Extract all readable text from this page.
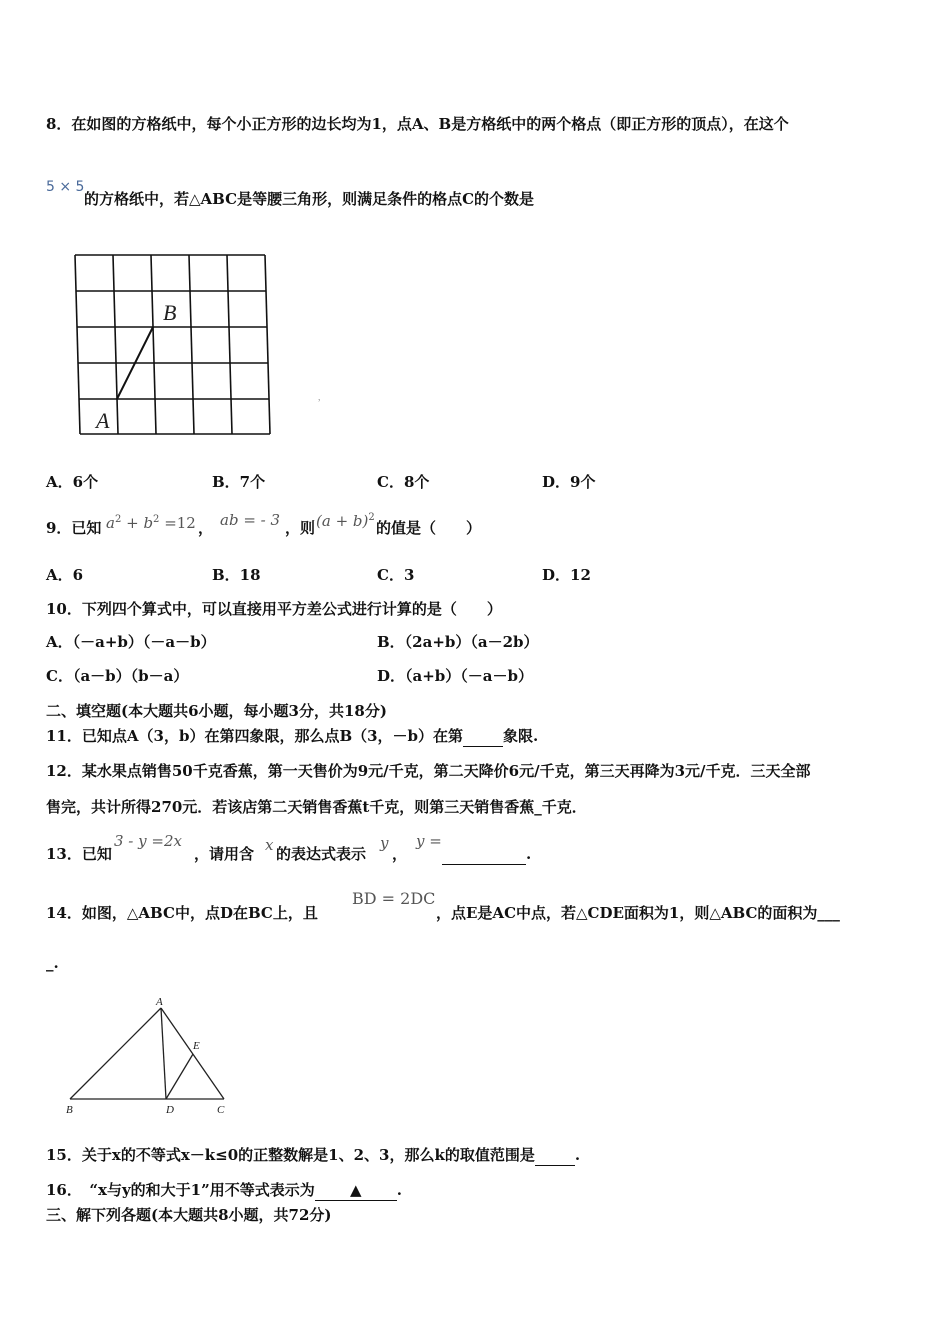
8．在如图的方格纸中，每个小正方形的边长均为1，点A、B是方格纸中的两个格点（即正方形的顶点），在这个
5 × 5
的方格纸中，若△ABC是等腰三角形，则满足条件的格点C的个数是
B
A
,
A．6个	B．7个	C．8个	D．9个
9．已知 $a^2 + b^2 =12$ ， ab = - 3 ，则 $(a + b)^2$
的值是（　　）
A．6	B．18	C．3	D．12
10．下列四个算式中，可以直接用平方差公式进行计算的是（　　）
A．（－a+b）（－a－b）	B．（2a+b）（a－2b）
C．（a－b）（b－a）	D．（a+b）（－a－b）
二、填空题(本大题共6小题，每小题3分，共18分)
11．已知点A（3，b）在第四象限，那么点B（3，－b）在第	象限.
12．某水果点销售50千克香蕉，第一天售价为9元/千克，第二天降价6元/千克，第三天再降为3元/千克．三天全部
售完，共计所得270元．若该店第二天销售香蕉t千克，则第三天销售香蕉_千克．
13．已知
3 - y =2x
，请用含 x 的表达式表示
y
，
y =
.
14．如图，△ABC中，点D在BC上，且
BD = 2DC
，点E是AC中点，若△CDE面积为1，则△ABC的面积为___
_.
A
E
B	D	C
15．关于x的不等式x－k≤0的正整数解是1、2、3，那么k的取值范围是	.
16．　“x与y的和大于1”用不等式表示为 ▲ .
三、解下列各题(本大题共8小题，共72分)
